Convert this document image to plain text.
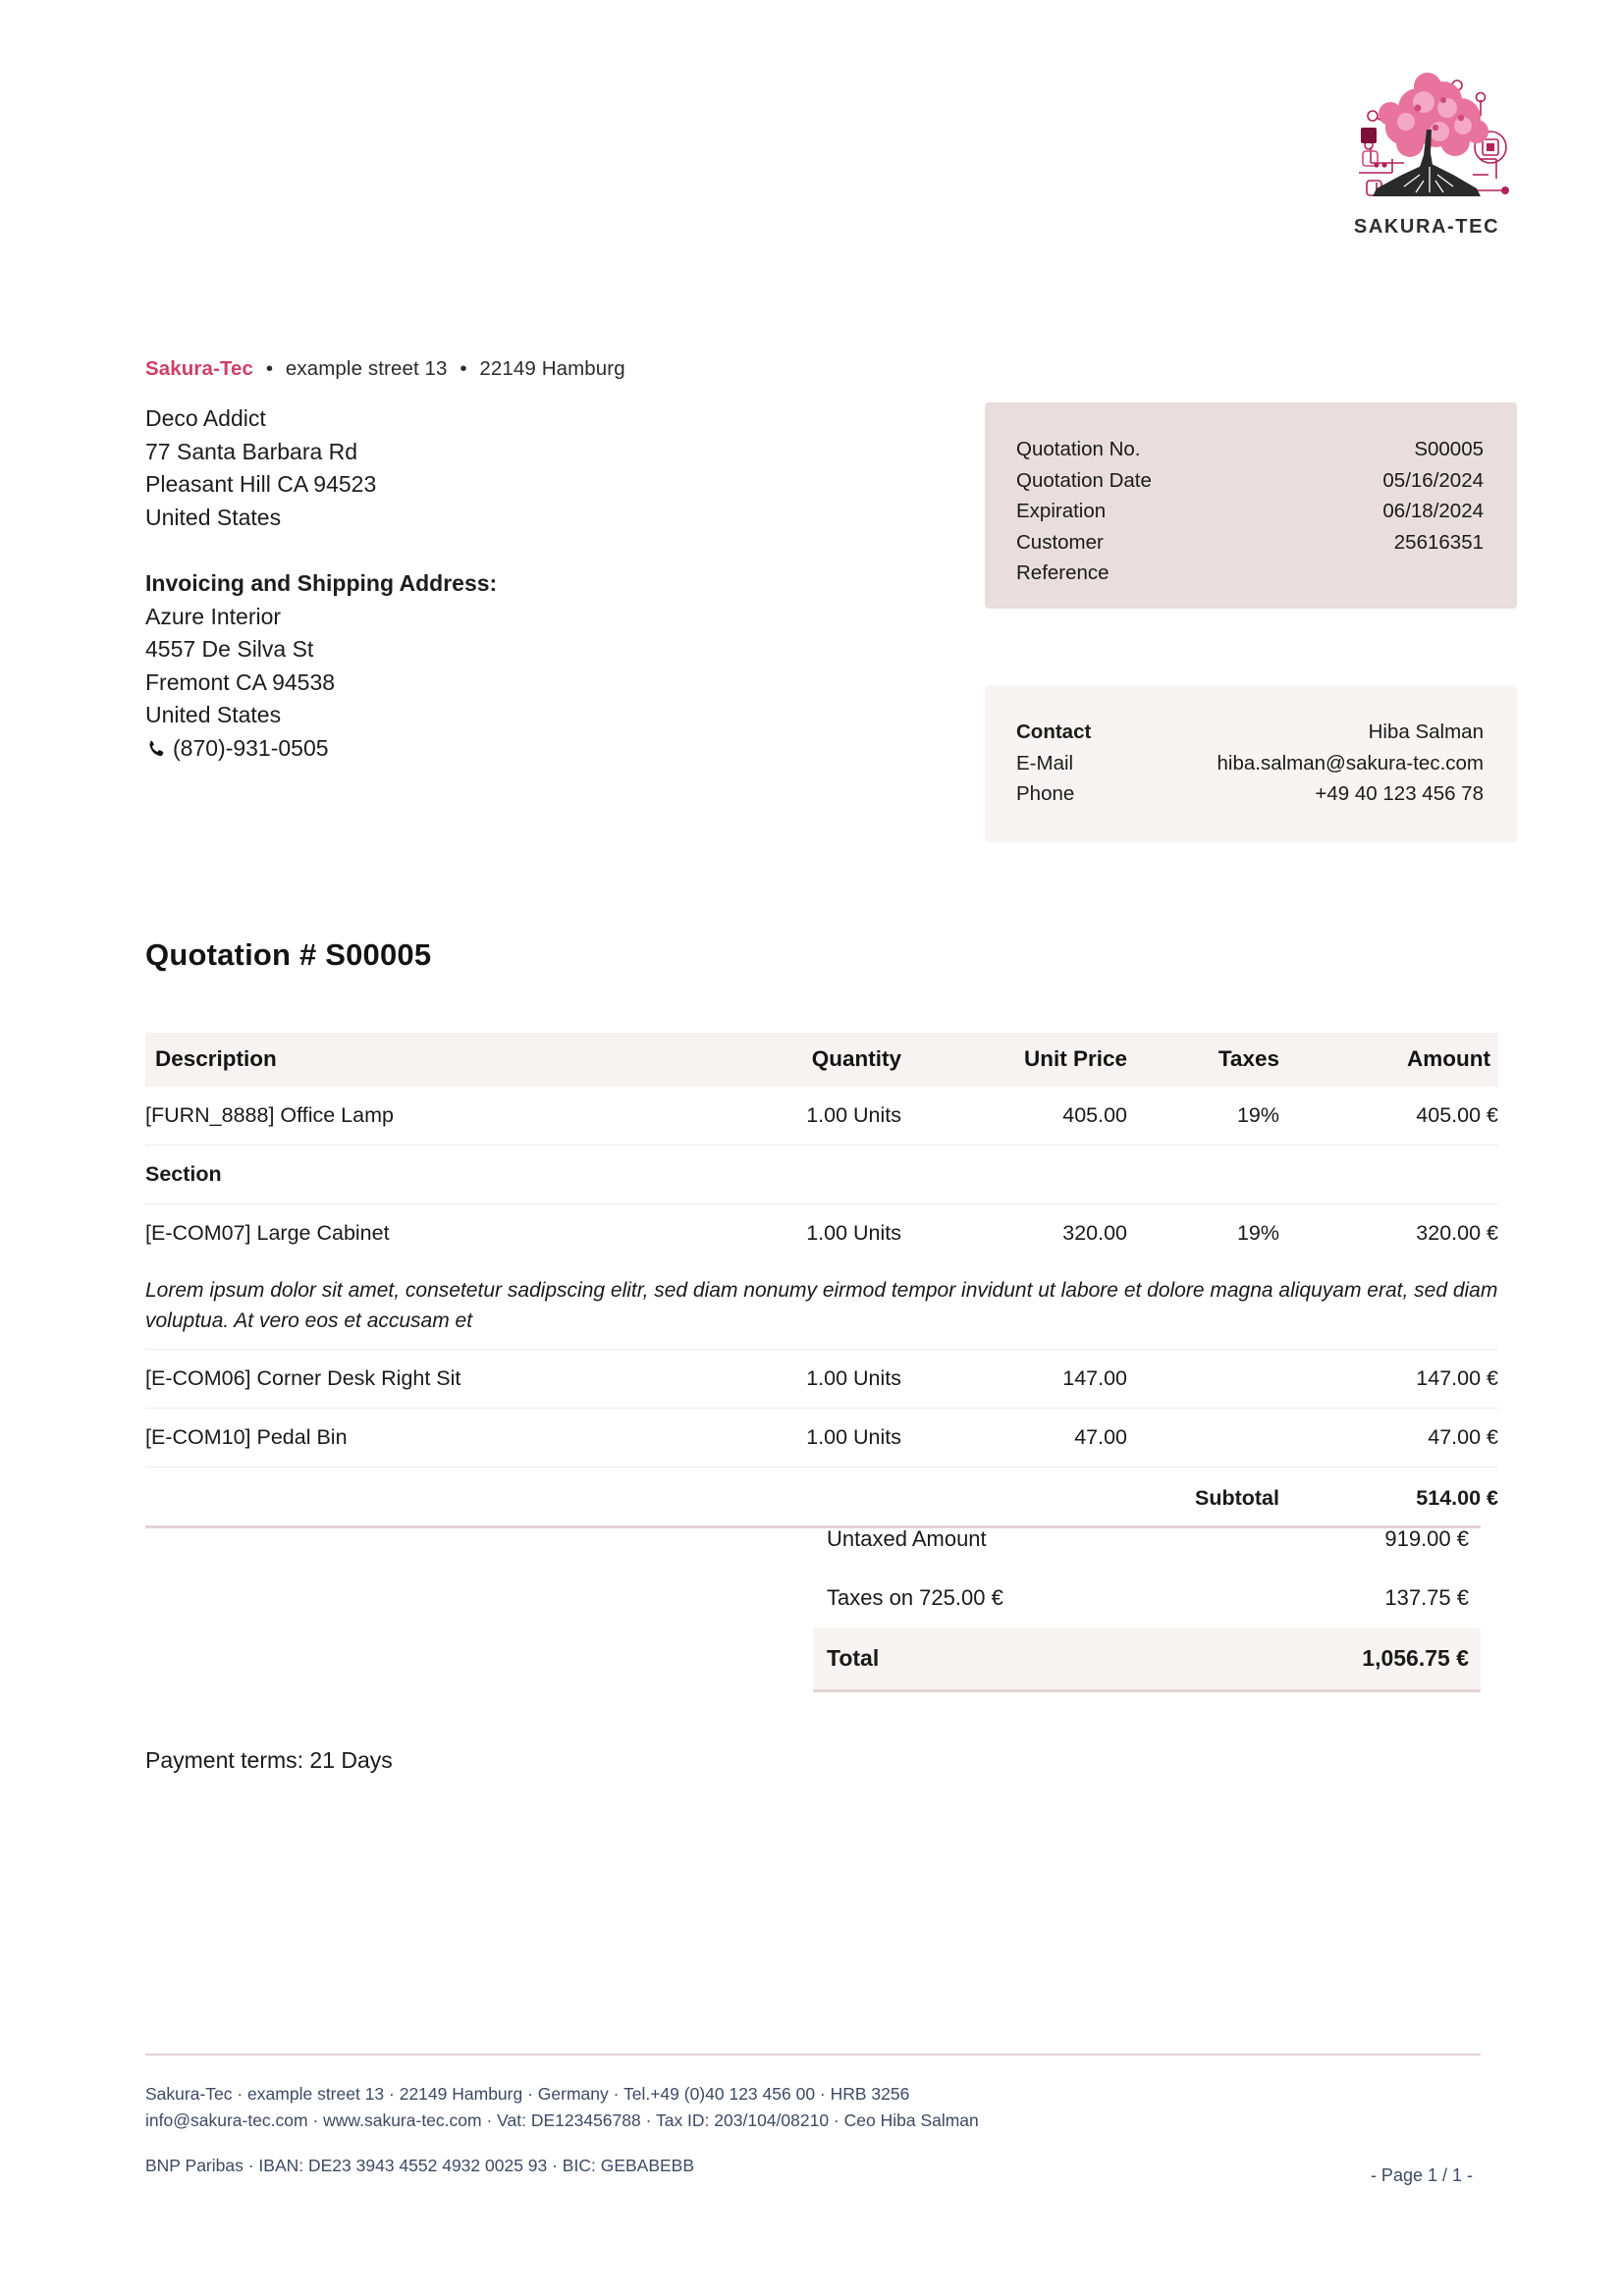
SAKURA-TEC
Sakura-Tec • example street 13 • 22149 Hamburg
Deco Addict
77 Santa Barbara Rd
Pleasant Hill CA 94523
United States
Invoicing and Shipping Address:
Azure Interior
4557 De Silva St
Fremont CA 94538
United States
(870)-931-0505
Quotation No.	S00005
Quotation Date	05/16/2024
Expiration	06/18/2024
Customer	25616351
Reference
Contact	Hiba Salman
E-Mail	hiba.salman@sakura-tec.com
Phone	+49 40 123 456 78
Quotation # S00005
Description	Quantity	Unit Price	Taxes	Amount
[FURN_8888] Office Lamp	1.00 Units	405.00	19%	405.00 €
Section				
[E-COM07] Large Cabinet	1.00 Units	320.00	19%	320.00 €
Lorem ipsum dolor sit amet, consetetur sadipscing elitr, sed diam nonumy eirmod tempor invidunt ut labore et dolore magna aliquyam erat, sed diam voluptua. At vero eos et accusam et				
[E-COM06] Corner Desk Right Sit	1.00 Units	147.00		147.00 €
[E-COM10] Pedal Bin	1.00 Units	47.00		47.00 €
			Subtotal	514.00 €
Untaxed Amount	919.00 €
Taxes on 725.00 €	137.75 €
Total	1,056.75 €
Payment terms: 21 Days
Sakura-Tec · example street 13 · 22149 Hamburg · Germany · Tel.+49 (0)40 123 456 00 · HRB 3256
info@sakura-tec.com · www.sakura-tec.com · Vat: DE123456788 · Tax ID: 203/104/08210 · Ceo Hiba Salman
BNP Paribas · IBAN: DE23 3943 4552 4932 0025 93 · BIC: GEBABEBB	- Page 1 / 1 -
